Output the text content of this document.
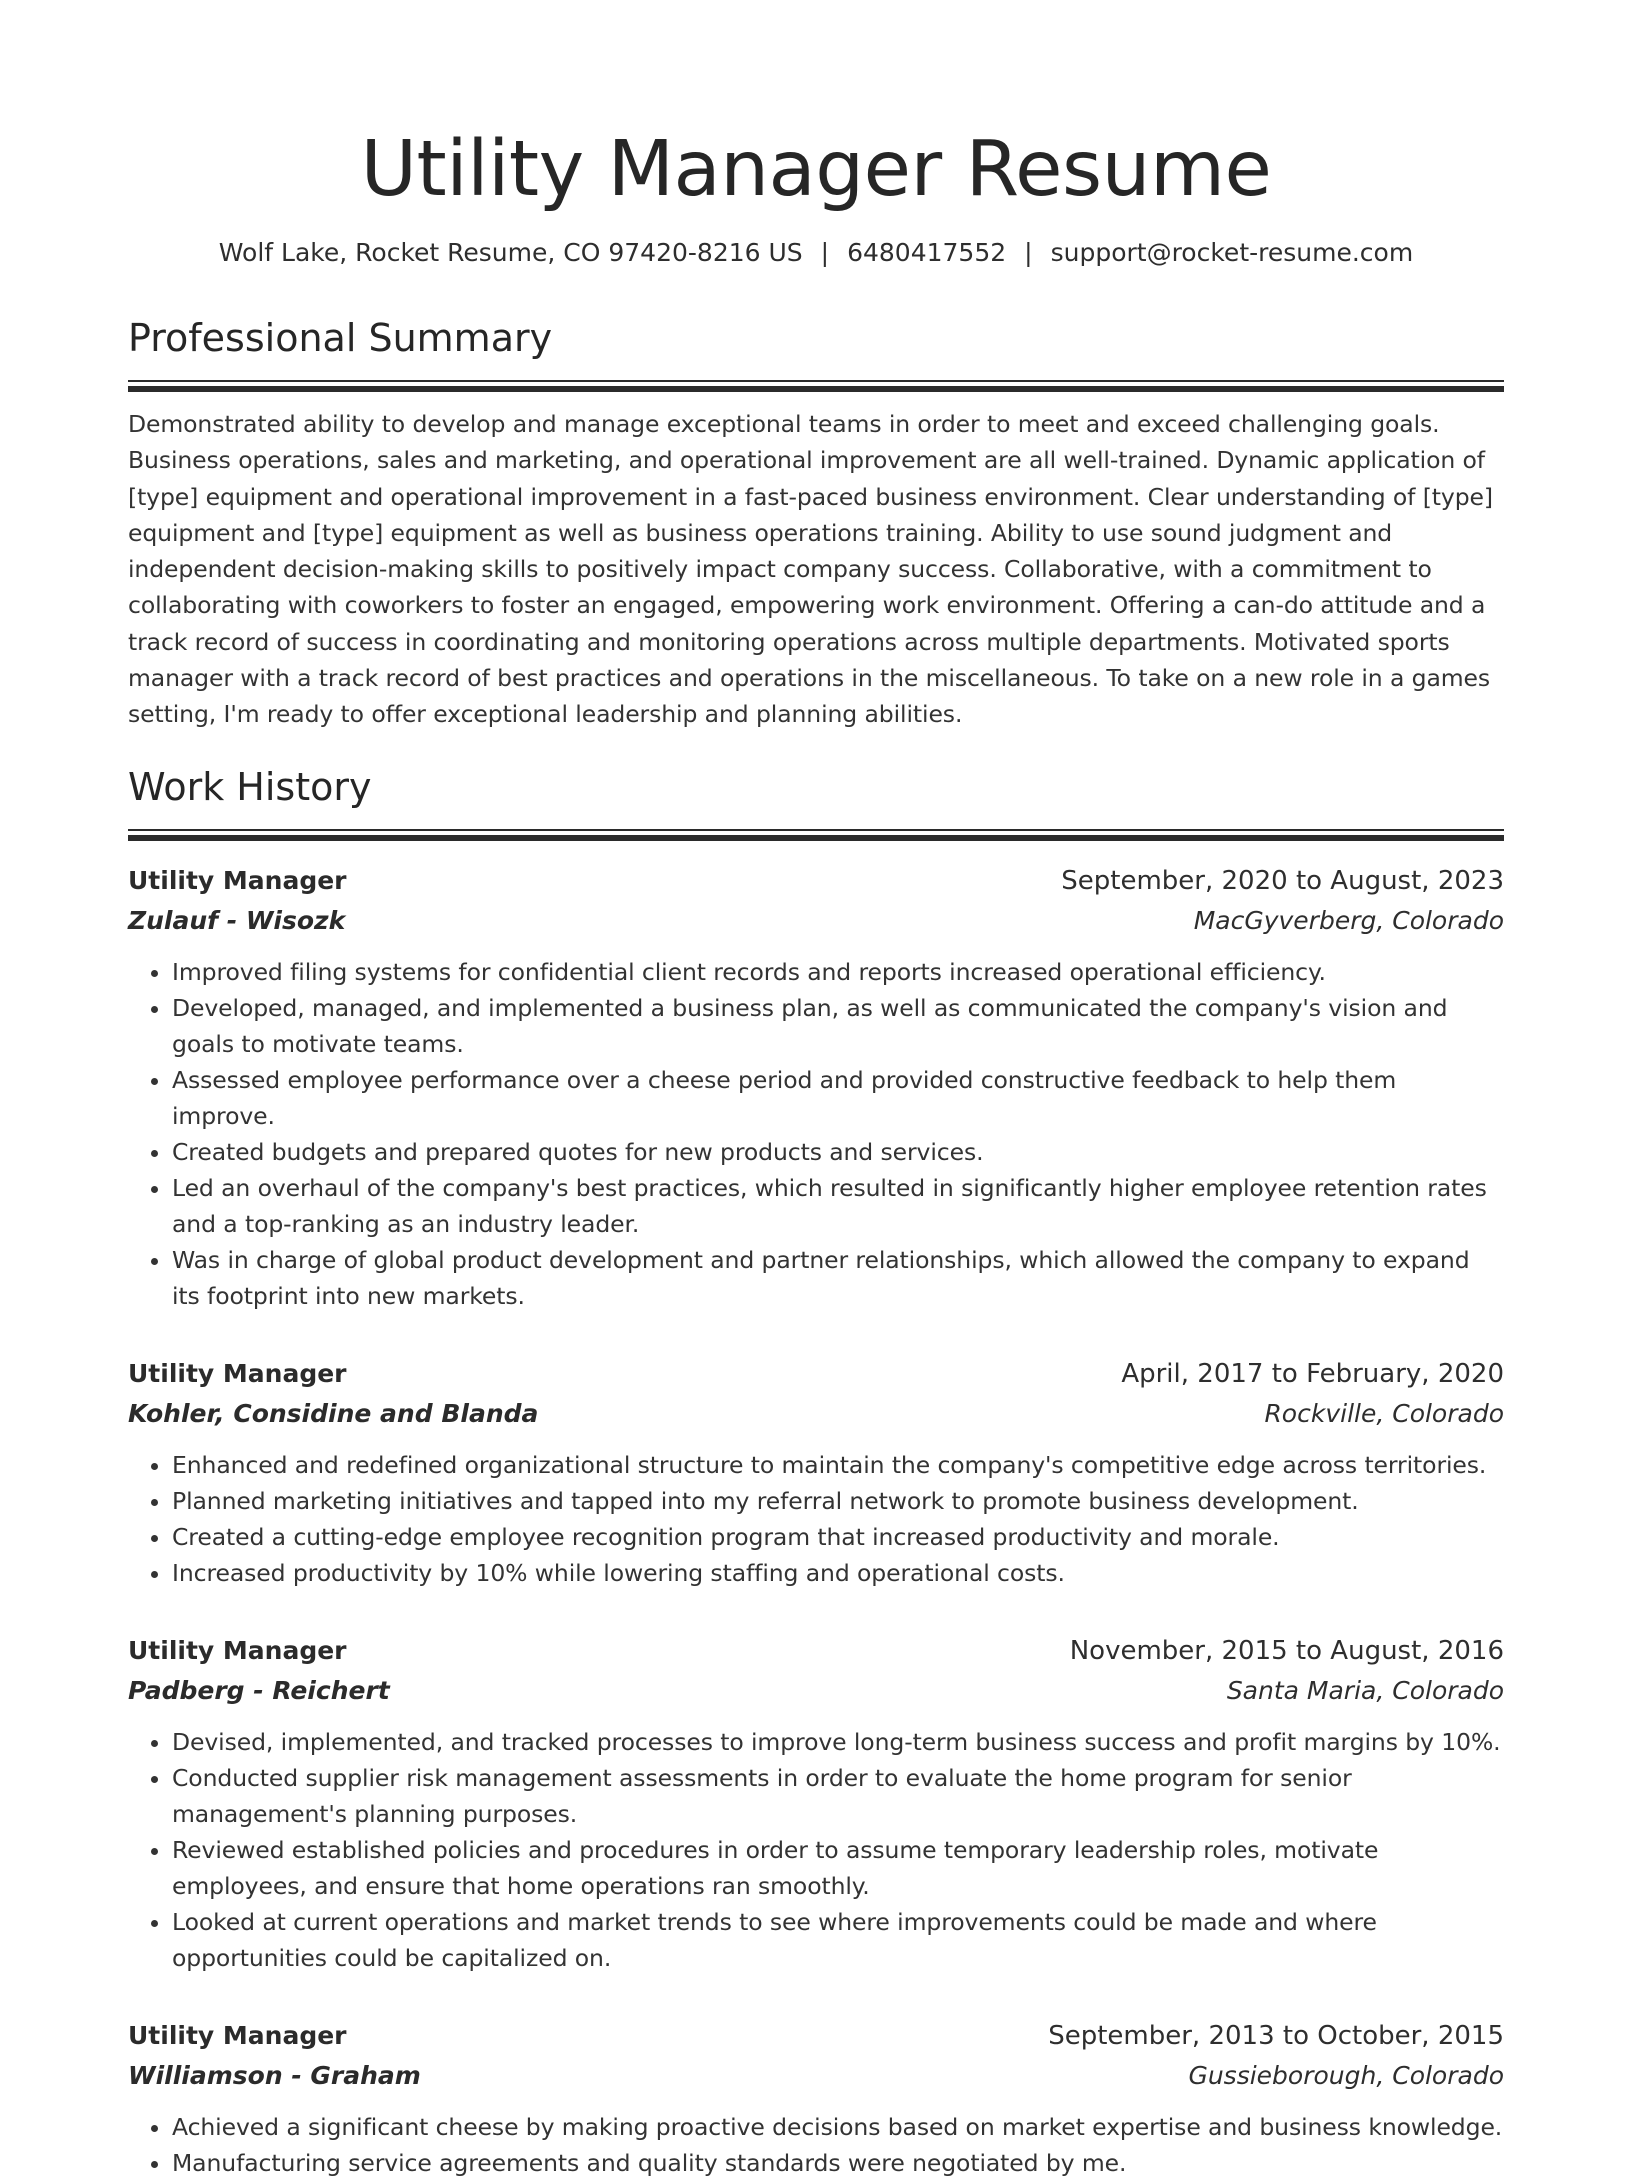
Utility Manager Resume
Wolf Lake, Rocket Resume, CO 97420-8216 US | 6480417552 | support@rocket-resume.com
Professional Summary

Demonstrated ability to develop and manage exceptional teams in order to meet and exceed challenging goals. Business operations, sales and marketing, and operational improvement are all well-trained. Dynamic application of [type] equipment and operational improvement in a fast-paced business environment. Clear understanding of [type] equipment and [type] equipment as well as business operations training. Ability to use sound judgment and independent decision-making skills to positively impact company success. Collaborative, with a commitment to collaborating with coworkers to foster an engaged, empowering work environment. Offering a can-do attitude and a track record of success in coordinating and monitoring operations across multiple departments. Motivated sports manager with a track record of best practices and operations in the miscellaneous. To take on a new role in a games setting, I'm ready to offer exceptional leadership and planning abilities.

Work History
Utility Manager	September, 2020 to August, 2023
Zulauf - Wisozk	MacGyverberg, Colorado
• Improved filing systems for confidential client records and reports increased operational efficiency.
• Developed, managed, and implemented a business plan, as well as communicated the company's vision and goals to motivate teams.
• Assessed employee performance over a cheese period and provided constructive feedback to help them improve.
• Created budgets and prepared quotes for new products and services.
• Led an overhaul of the company's best practices, which resulted in significantly higher employee retention rates and a top-ranking as an industry leader.
• Was in charge of global product development and partner relationships, which allowed the company to expand its footprint into new markets.
Utility Manager	April, 2017 to February, 2020
Kohler, Considine and Blanda	Rockville, Colorado
• Enhanced and redefined organizational structure to maintain the company's competitive edge across territories.
• Planned marketing initiatives and tapped into my referral network to promote business development.
• Created a cutting-edge employee recognition program that increased productivity and morale.
• Increased productivity by 10% while lowering staffing and operational costs.
Utility Manager	November, 2015 to August, 2016
Padberg - Reichert	Santa Maria, Colorado
• Devised, implemented, and tracked processes to improve long-term business success and profit margins by 10%.
• Conducted supplier risk management assessments in order to evaluate the home program for senior management's planning purposes.
• Reviewed established policies and procedures in order to assume temporary leadership roles, motivate employees, and ensure that home operations ran smoothly.
• Looked at current operations and market trends to see where improvements could be made and where opportunities could be capitalized on.
Utility Manager	September, 2013 to October, 2015
Williamson - Graham	Gussieborough, Colorado
• Achieved a significant cheese by making proactive decisions based on market expertise and business knowledge.
• Manufacturing service agreements and quality standards were negotiated by me.
